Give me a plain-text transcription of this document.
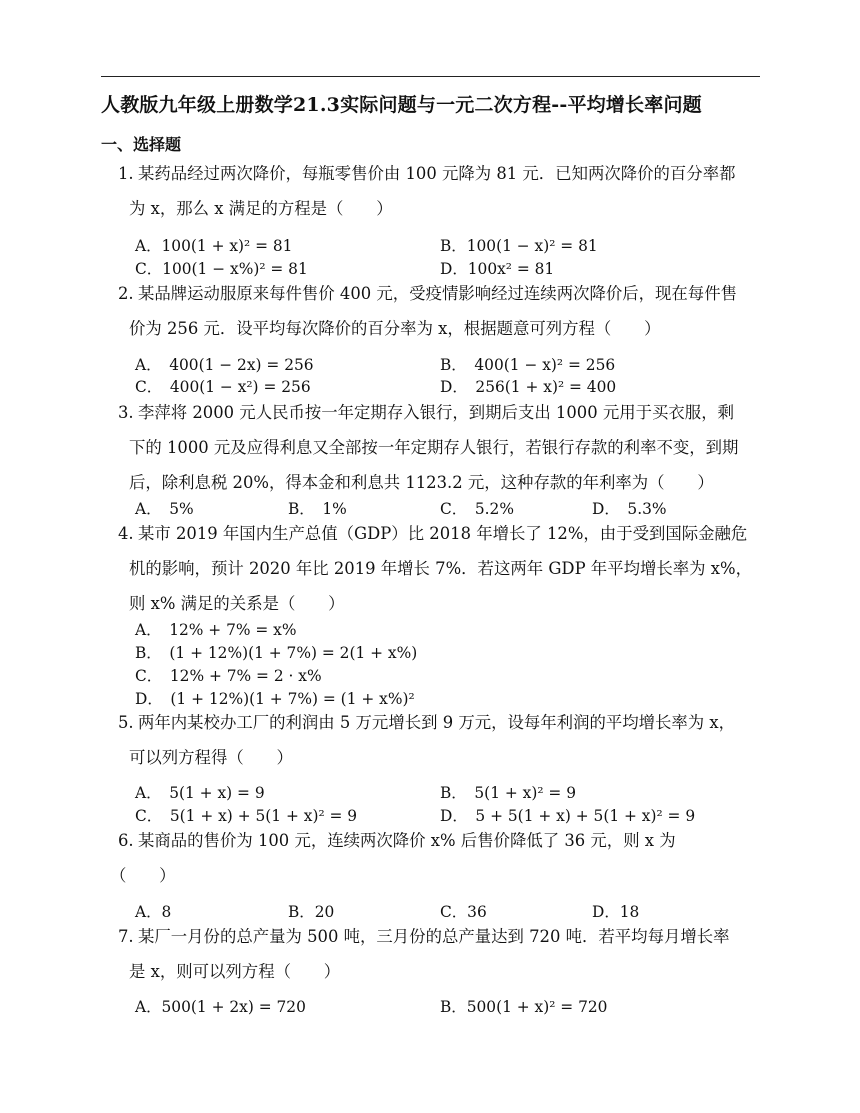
人教版九年级上册数学21.3实际问题与一元二次方程--平均增长率问题
一、选择题
1. 某药品经过两次降价，每瓶零售价由 100 元降为 81 元．已知两次降价的百分率都
为 x，那么 x 满足的方程是（　　）
A．100(1 + x)² = 81	B．100(1 − x)² = 81
C．100(1 − x%)² = 81	D．100x² = 81
2. 某品牌运动服原来每件售价 400 元，受疫情影响经过连续两次降价后，现在每件售
价为 256 元．设平均每次降价的百分率为 x，根据题意可列方程（　　）
A．　400(1 − 2x) = 256	B．　400(1 − x)² = 256
C．　400(1 − x²) = 256	D．　256(1 + x)² = 400
3. 李萍将 2000 元人民币按一年定期存入银行，到期后支出 1000 元用于买衣服，剩
下的 1000 元及应得利息又全部按一年定期存人银行，若银行存款的利率不变，到期
后，除利息税 20%，得本金和利息共 1123.2 元，这种存款的年利率为（　　）
A．　5%	B．　1%	C．　5.2%	D．　5.3%
4. 某市 2019 年国内生产总值（GDP）比 2018 年增长了 12%，由于受到国际金融危
机的影响，预计 2020 年比 2019 年增长 7%．若这两年 GDP 年平均增长率为 x%，
则 x% 满足的关系是（　　）
A．　12% + 7% = x%
B．　(1 + 12%)(1 + 7%) = 2(1 + x%)
C．　12% + 7% = 2 · x%
D．　(1 + 12%)(1 + 7%) = (1 + x%)²
5. 两年内某校办工厂的利润由 5 万元增长到 9 万元，设每年利润的平均增长率为 x，
可以列方程得（　　）
A．　5(1 + x) = 9	B．　5(1 + x)² = 9
C．　5(1 + x) + 5(1 + x)² = 9	D．　5 + 5(1 + x) + 5(1 + x)² = 9
6. 某商品的售价为 100 元，连续两次降价 x% 后售价降低了 36 元，则 x 为
（　　）
A．8	B．20	C．36	D．18
7. 某厂一月份的总产量为 500 吨，三月份的总产量达到 720 吨．若平均每月增长率
是 x，则可以列方程（　　）
A．500(1 + 2x) = 720	B．500(1 + x)² = 720
